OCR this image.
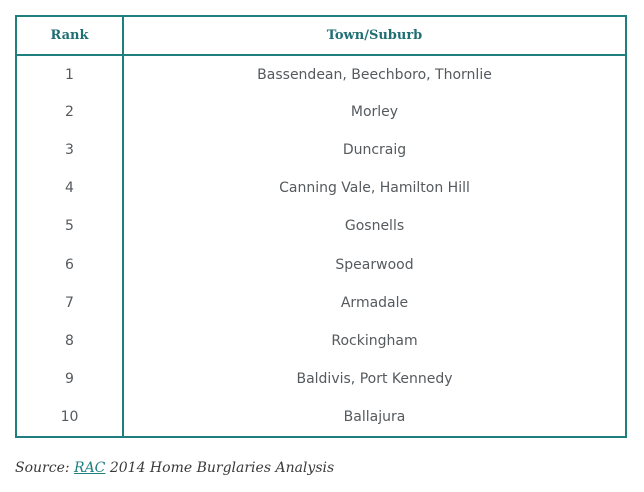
Rank	Town/Suburb
1	Bassendean, Beechboro, Thornlie
2	Morley
3	Duncraig
4	Canning Vale, Hamilton Hill
5	Gosnells
6	Spearwood
7	Armadale
8	Rockingham
9	Baldivis, Port Kennedy
10	Ballajura
Source: RAC 2014 Home Burglaries Analysis
